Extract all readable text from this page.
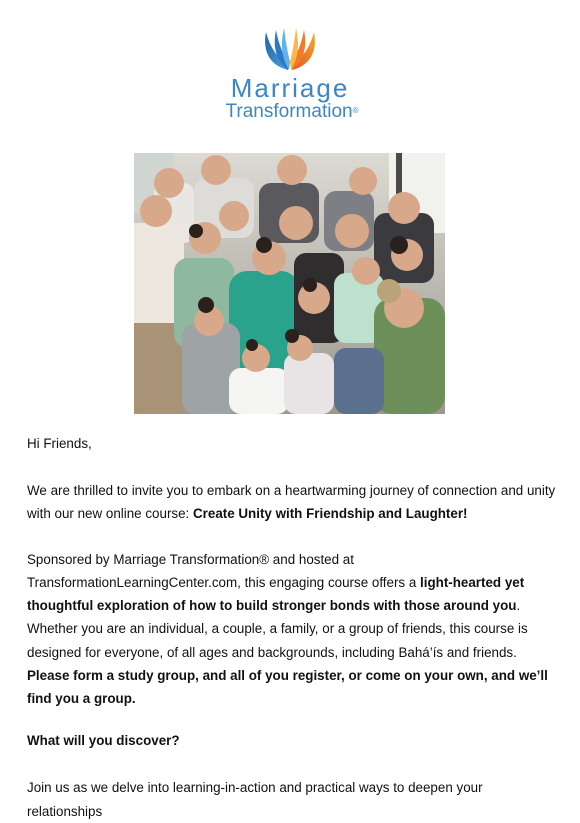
Marriage
Transformation®

Hi Friends,

We are thrilled to invite you to embark on a heartwarming journey of connection and unity with our new online course: Create Unity with Friendship and Laughter!

Sponsored by Marriage Transformation® and hosted at TransformationLearningCenter.com, this engaging course offers a light-hearted yet thoughtful exploration of how to build stronger bonds with those around you. Whether you are an individual, a couple, a family, or a group of friends, this course is designed for everyone, of all ages and backgrounds, including Bahá’ís and friends. Please form a study group, and all of you register, or come on your own, and we’ll find you a group.

What will you discover?

Join us as we delve into learning-in-action and practical ways to deepen your relationships
